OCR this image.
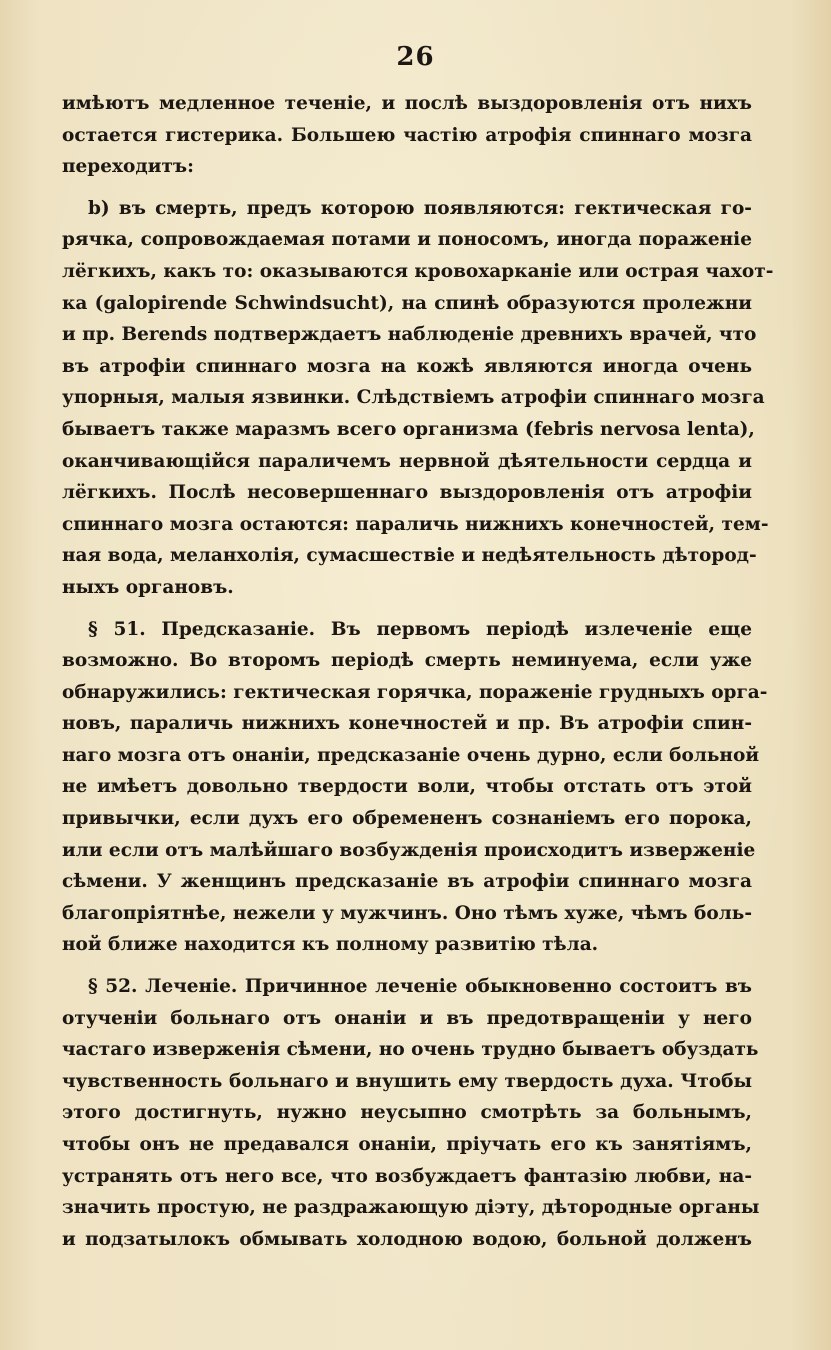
26
имѣютъ медленное теченіе, и послѣ выздоровленія отъ нихъ
остается гистерика. Большею частію атрофія спиннаго мозга
переходитъ:
b) въ смерть, предъ которою появляются: гектическая го-
рячка, сопровождаемая потами и поносомъ, иногда пораженіе
лёгкихъ, какъ то: оказываются кровохарканіе или острая чахот-
ка (galopirende Schwindsucht), на спинѣ образуются пролежни
и пр. Berends подтверждаетъ наблюденіе древнихъ врачей, что
въ атрофіи спиннаго мозга на кожѣ являются иногда очень
упорныя, малыя язвинки. Слѣдствіемъ атрофіи спиннаго мозга
бываетъ также маразмъ всего организма (febris nervosa lenta),
оканчивающійся параличемъ нервной дѣятельности сердца и
лёгкихъ. Послѣ несовершеннаго выздоровленія отъ атрофіи
спиннаго мозга остаются: параличь нижнихъ конечностей, тем-
ная вода, меланхолія, сумасшествіе и недѣятельность дѣтород-
ныхъ органовъ.
§ 51. Предсказаніе. Въ первомъ періодѣ излеченіе еще
возможно. Во второмъ періодѣ смерть неминуема, если уже
обнаружились: гектическая горячка, пораженіе грудныхъ орга-
новъ, параличь нижнихъ конечностей и пр. Въ атрофіи спин-
наго мозга отъ онаніи, предсказаніе очень дурно, если больной
не имѣетъ довольно твердости воли, чтобы отстать отъ этой
привычки, если духъ его обремененъ сознаніемъ его порока,
или если отъ малѣйшаго возбужденія происходитъ изверженіе
сѣмени. У женщинъ предсказаніе въ атрофіи спиннаго мозга
благопріятнѣе, нежели у мужчинъ. Оно тѣмъ хуже, чѣмъ боль-
ной ближе находится къ полному развитію тѣла.
§ 52. Леченіе. Причинное леченіе обыкновенно состоитъ въ
отученіи больнаго отъ онаніи и въ предотвращеніи у него
частаго изверженія сѣмени, но очень трудно бываетъ обуздать
чувственность больнаго и внушить ему твердость духа. Чтобы
этого достигнуть, нужно неусыпно смотрѣть за больнымъ,
чтобы онъ не предавался онаніи, пріучать его къ занятіямъ,
устранять отъ него все, что возбуждаетъ фантазію любви, на-
значить простую, не раздражающую діэту, дѣтородные органы
и подзатылокъ обмывать холодною водою, больной долженъ
